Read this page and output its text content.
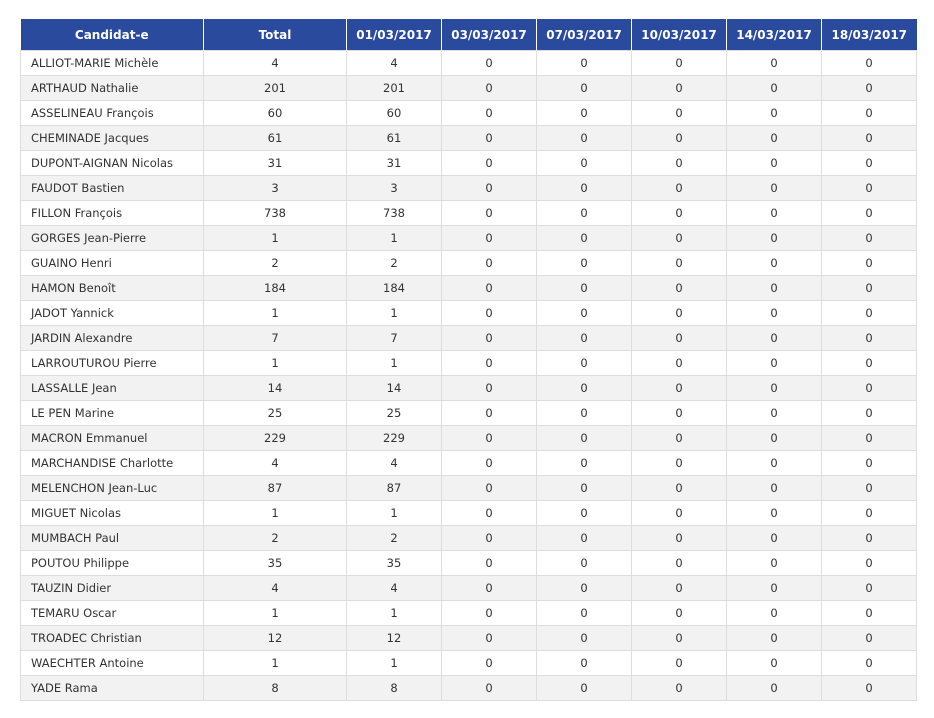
Candidat-e	Total	01/03/2017	03/03/2017	07/03/2017	10/03/2017	14/03/2017	18/03/2017
ALLIOT-MARIE Michèle	4	4	0	0	0	0	0
ARTHAUD Nathalie	201	201	0	0	0	0	0
ASSELINEAU François	60	60	0	0	0	0	0
CHEMINADE Jacques	61	61	0	0	0	0	0
DUPONT-AIGNAN Nicolas	31	31	0	0	0	0	0
FAUDOT Bastien	3	3	0	0	0	0	0
FILLON François	738	738	0	0	0	0	0
GORGES Jean-Pierre	1	1	0	0	0	0	0
GUAINO Henri	2	2	0	0	0	0	0
HAMON Benoît	184	184	0	0	0	0	0
JADOT Yannick	1	1	0	0	0	0	0
JARDIN Alexandre	7	7	0	0	0	0	0
LARROUTUROU Pierre	1	1	0	0	0	0	0
LASSALLE Jean	14	14	0	0	0	0	0
LE PEN Marine	25	25	0	0	0	0	0
MACRON Emmanuel	229	229	0	0	0	0	0
MARCHANDISE Charlotte	4	4	0	0	0	0	0
MELENCHON Jean-Luc	87	87	0	0	0	0	0
MIGUET Nicolas	1	1	0	0	0	0	0
MUMBACH Paul	2	2	0	0	0	0	0
POUTOU Philippe	35	35	0	0	0	0	0
TAUZIN Didier	4	4	0	0	0	0	0
TEMARU Oscar	1	1	0	0	0	0	0
TROADEC Christian	12	12	0	0	0	0	0
WAECHTER Antoine	1	1	0	0	0	0	0
YADE Rama	8	8	0	0	0	0	0
